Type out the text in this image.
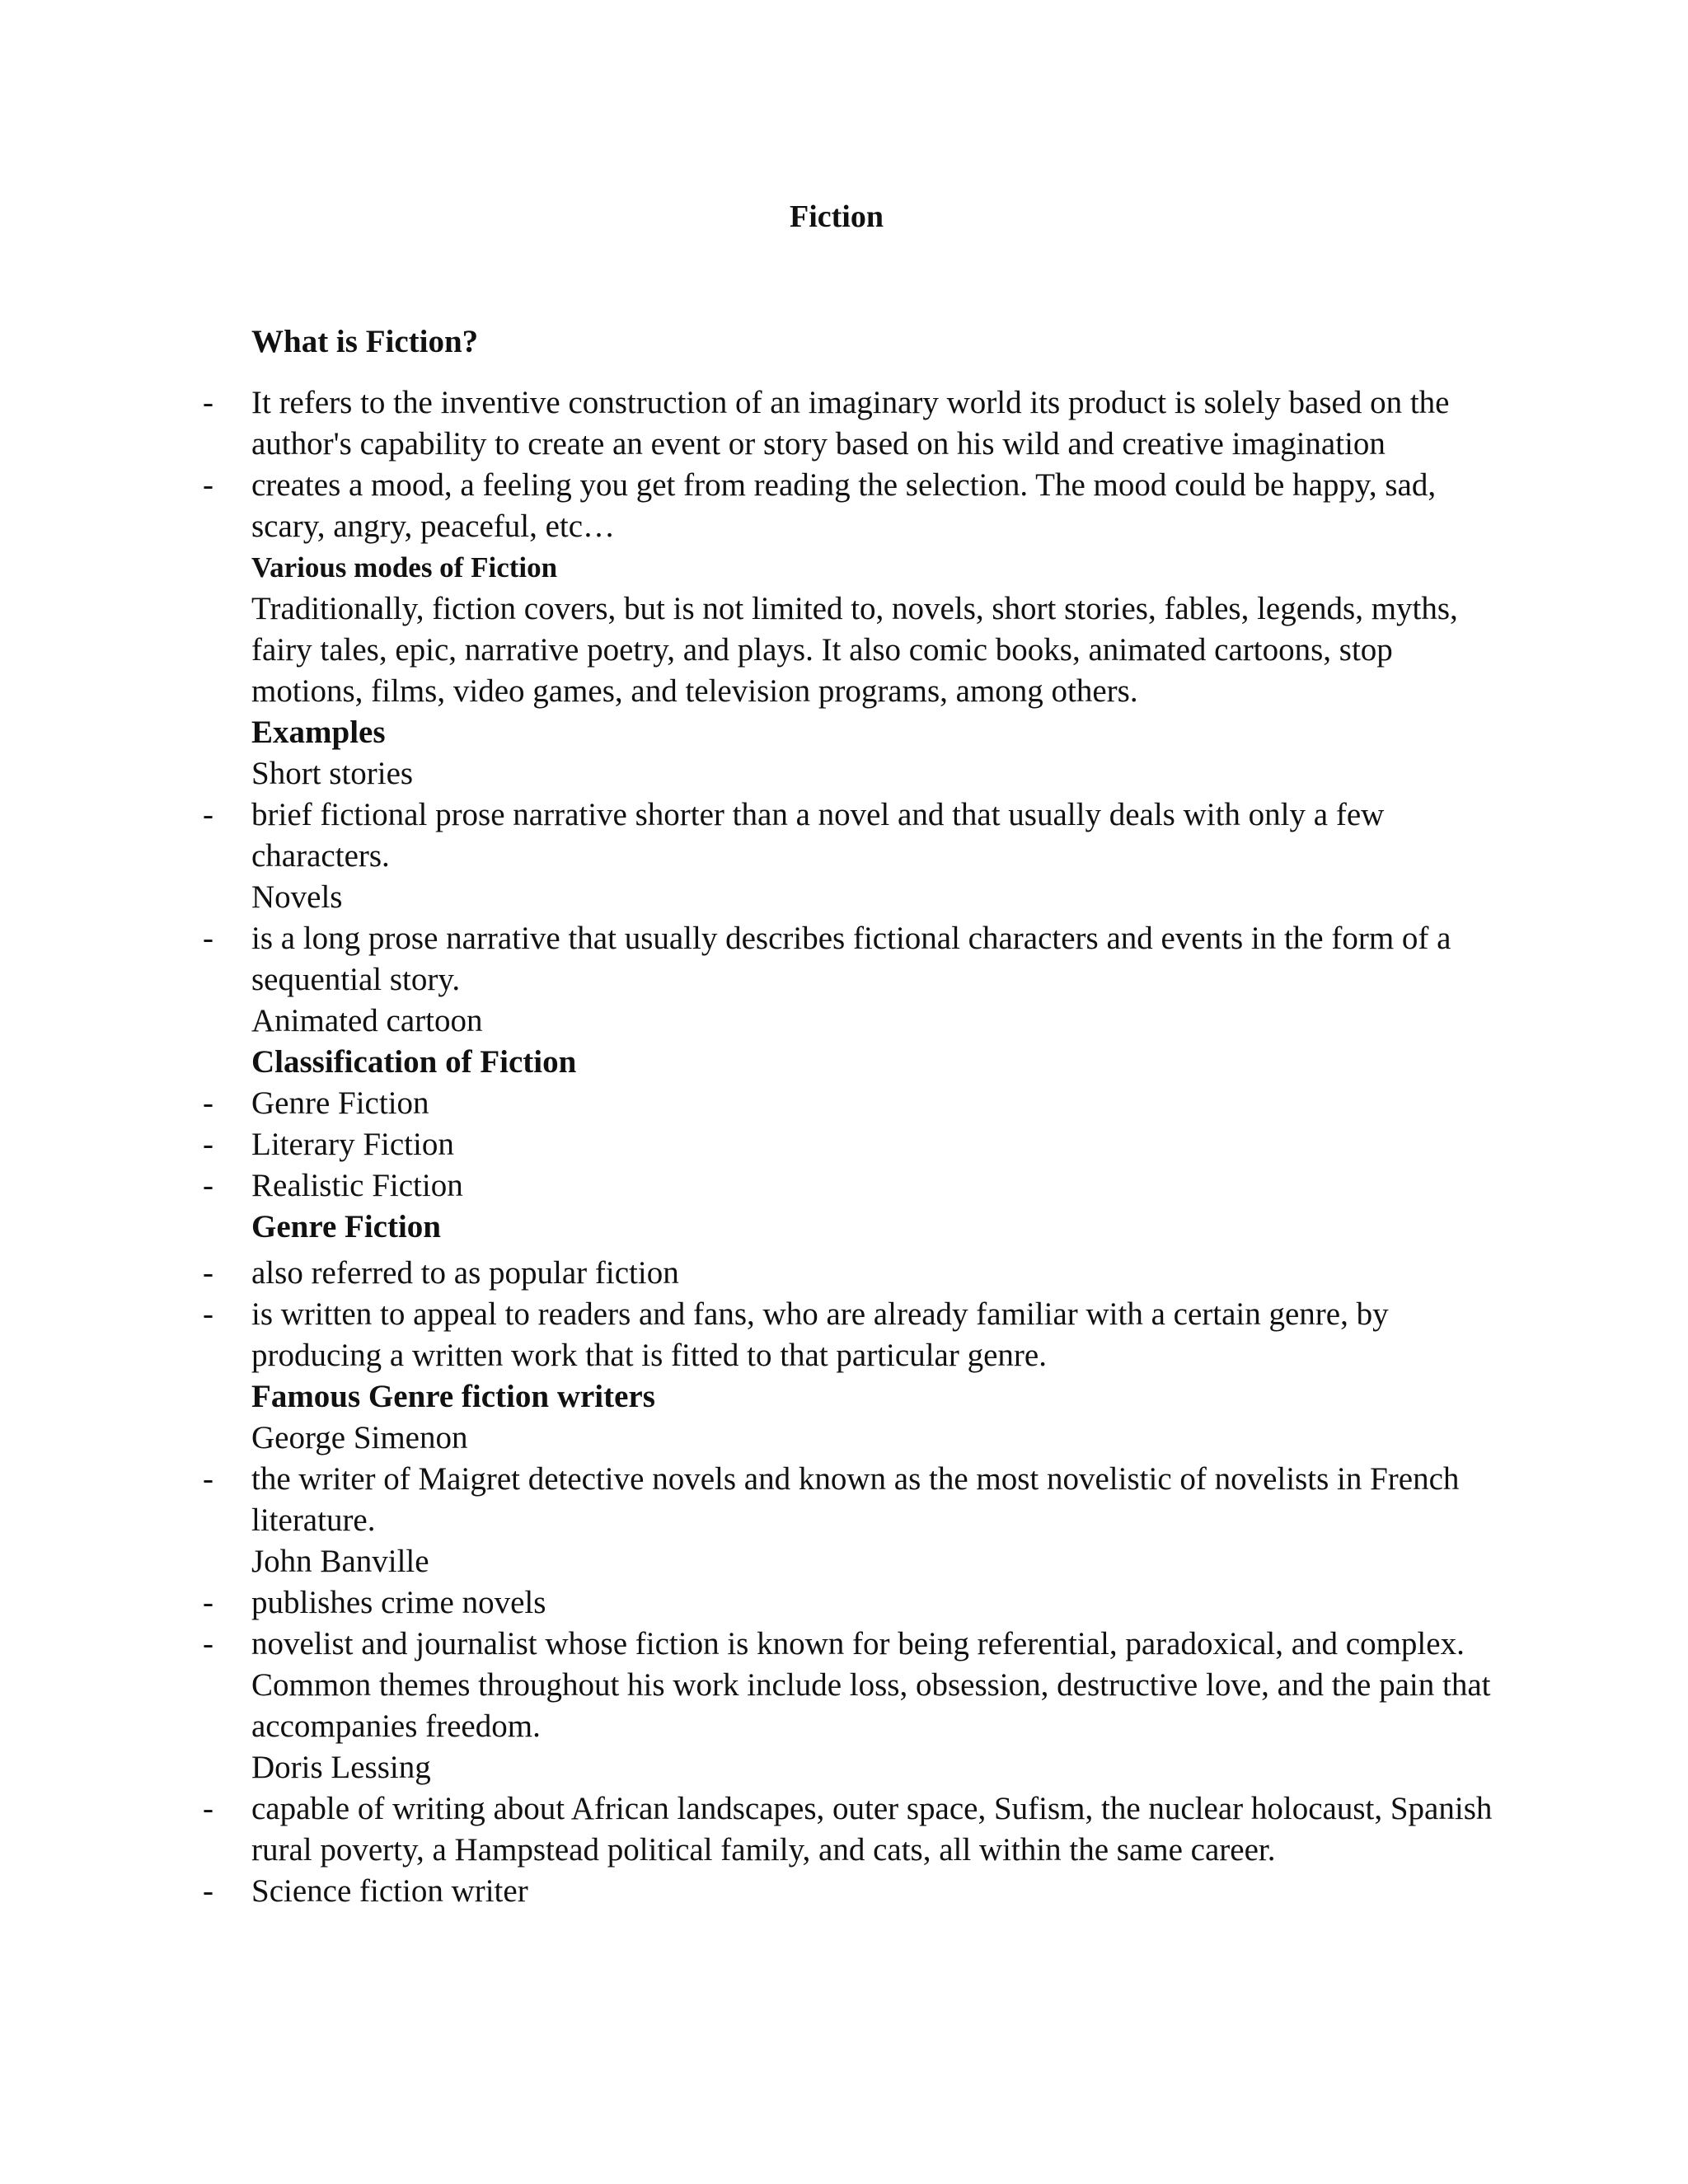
Fiction
What is Fiction?
- It refers to the inventive construction of an imaginary world its product is solely based on the author's capability to create an event or story based on his wild and creative imagination
- creates a mood, a feeling you get from reading the selection. The mood could be happy, sad, scary, angry, peaceful, etc…
Various modes of Fiction
Traditionally, fiction covers, but is not limited to, novels, short stories, fables, legends, myths, fairy tales, epic, narrative poetry, and plays. It also comic books, animated cartoons, stop motions, films, video games, and television programs, among others.
Examples
Short stories
- brief fictional prose narrative shorter than a novel and that usually deals with only a few characters.
Novels
- is a long prose narrative that usually describes fictional characters and events in the form of a sequential story.
Animated cartoon
Classification of Fiction
- Genre Fiction
- Literary Fiction
- Realistic Fiction
Genre Fiction
- also referred to as popular fiction
- is written to appeal to readers and fans, who are already familiar with a certain genre, by producing a written work that is fitted to that particular genre.
Famous Genre fiction writers
George Simenon
- the writer of Maigret detective novels and known as the most novelistic of novelists in French literature.
John Banville
- publishes crime novels
- novelist and journalist whose fiction is known for being referential, paradoxical, and complex. Common themes throughout his work include loss, obsession, destructive love, and the pain that accompanies freedom.
Doris Lessing
- capable of writing about African landscapes, outer space, Sufism, the nuclear holocaust, Spanish rural poverty, a Hampstead political family, and cats, all within the same career.
- Science fiction writer
